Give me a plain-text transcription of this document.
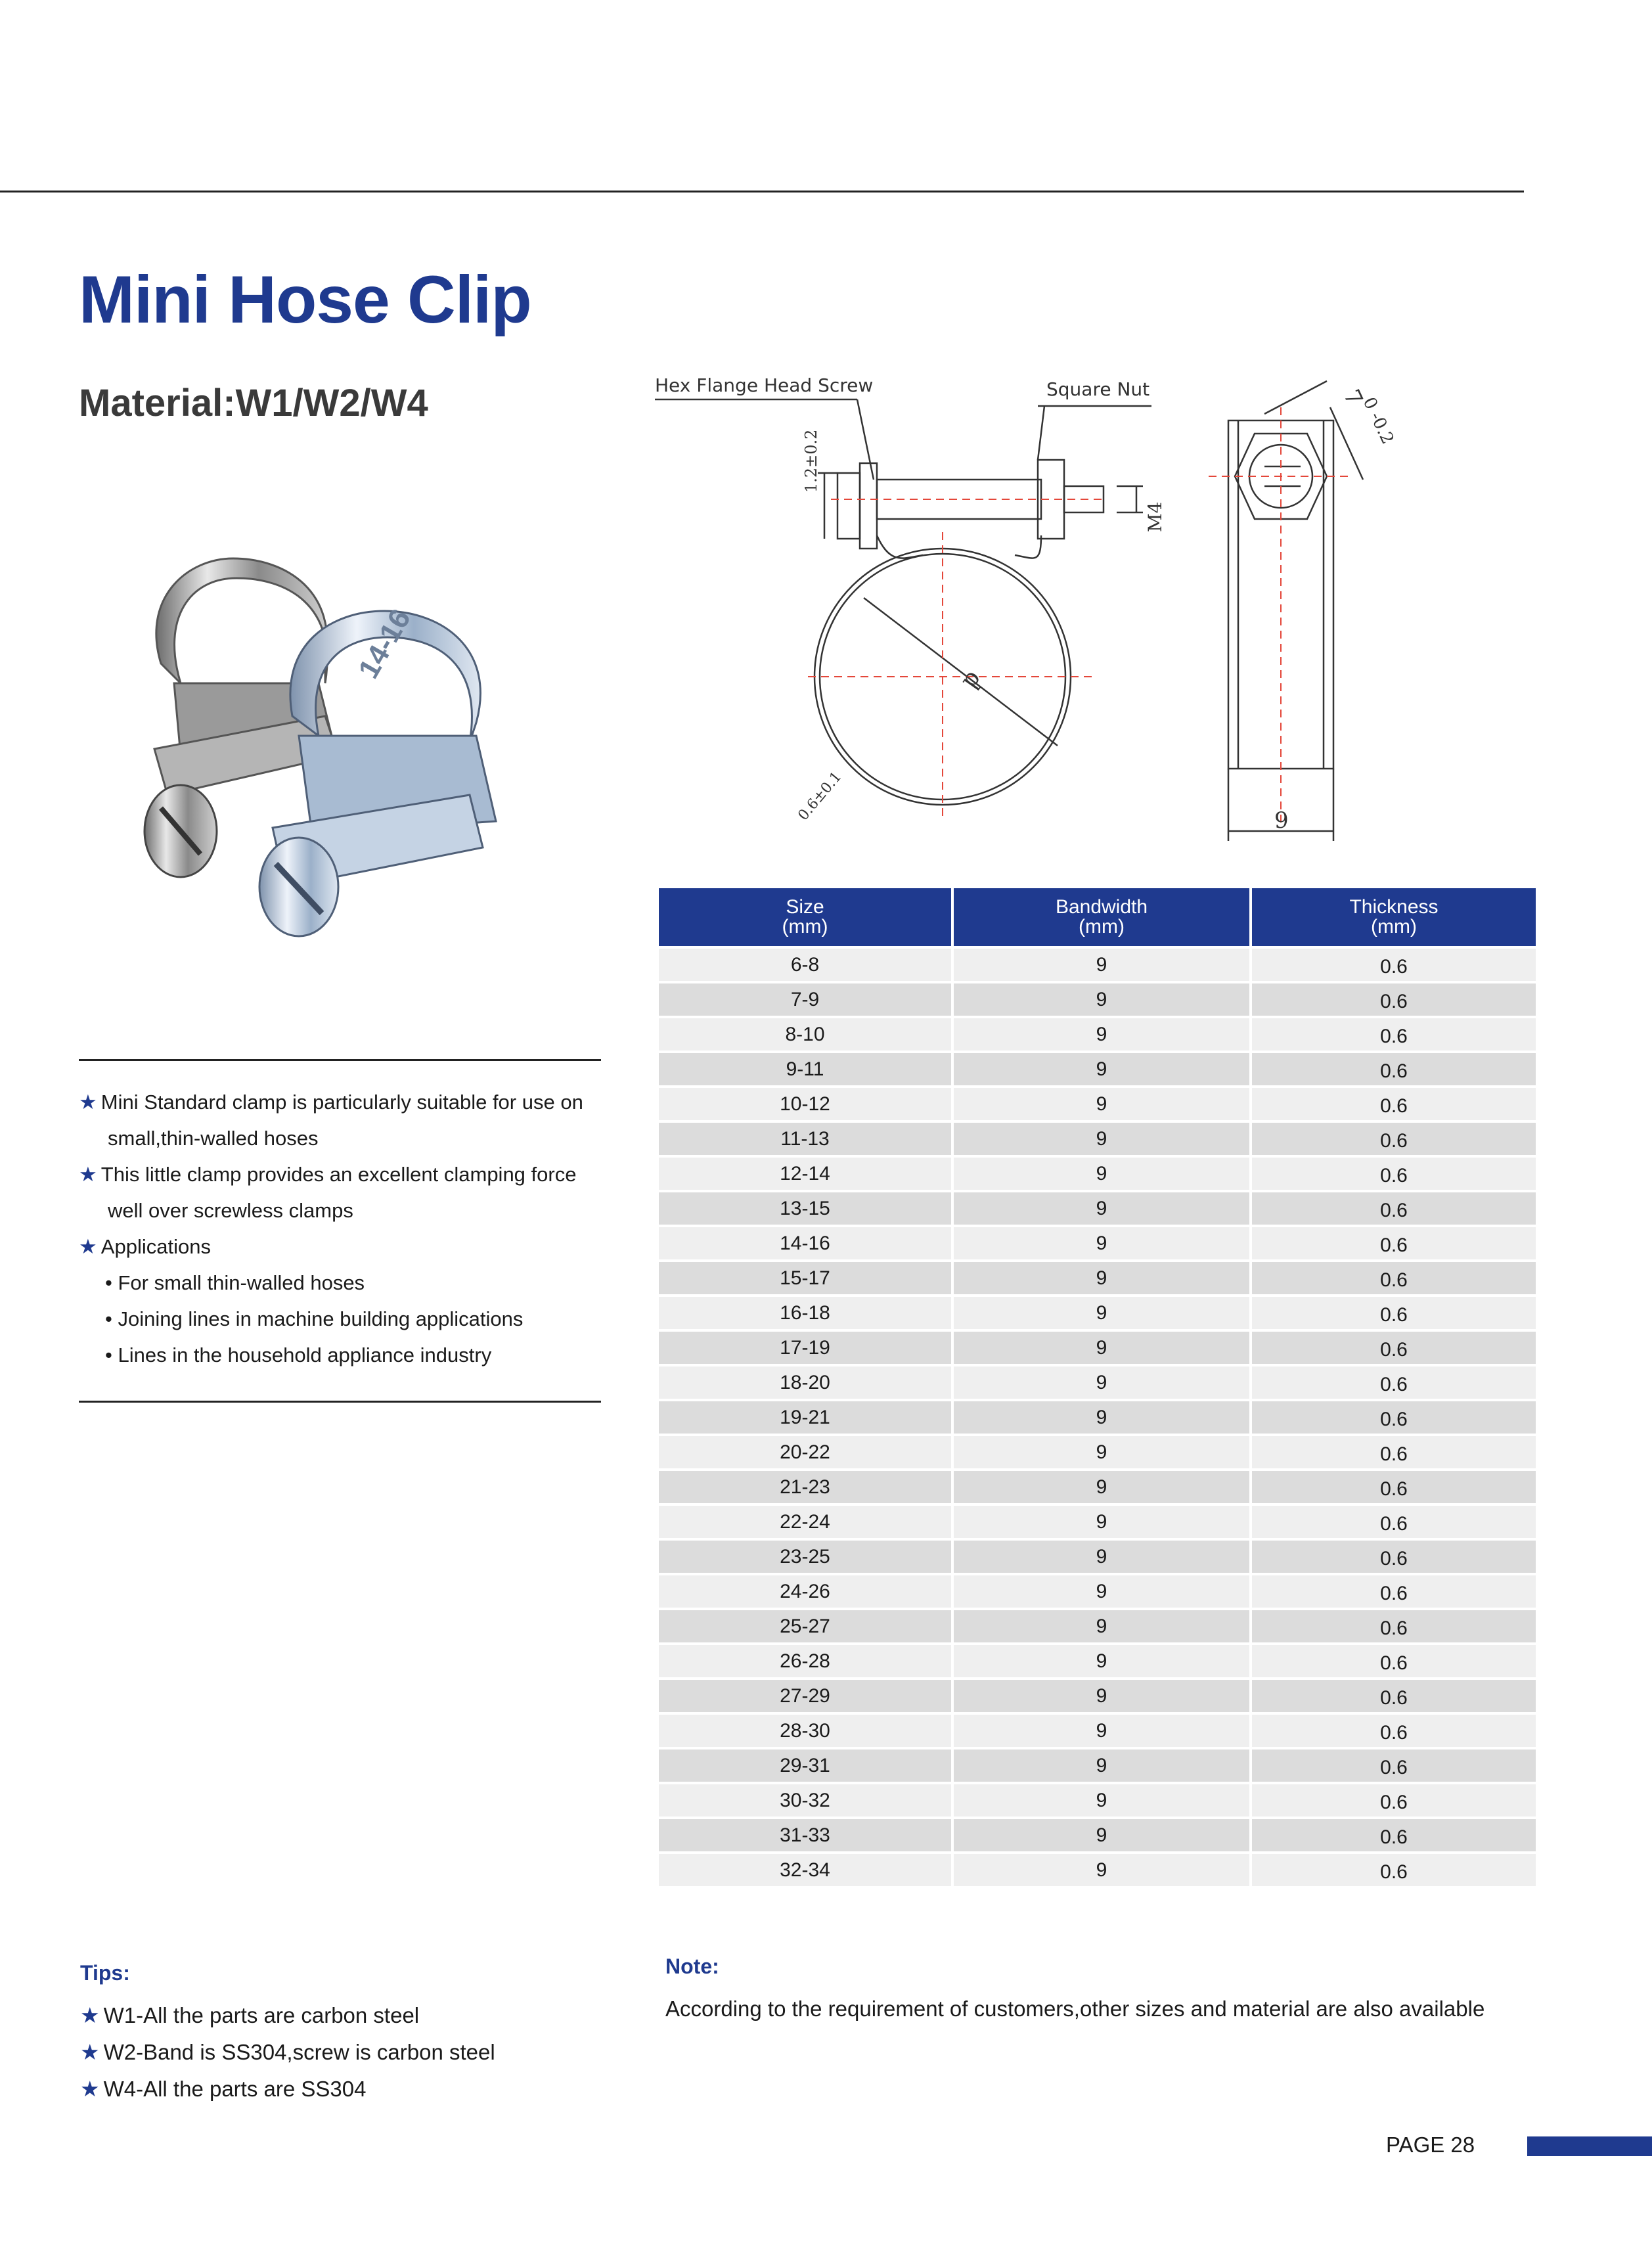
Mini Hose Clip
Material:W1/W2/W4
14-16
Hex Flange Head Screw	Square Nut
1.2±0.2
M4
d
0.6±0.1
7
0 -0.2
9
★ Mini Standard clamp is particularly suitable for use on
small,thin-walled hoses
★ This little clamp provides an excellent clamping force
well over screwless clamps
★ Applications
• For small thin-walled hoses
• Joining lines in machine building applications
• Lines in the household appliance industry
Size
(mm)
Bandwidth
(mm)
Thickness
(mm)
6-8	9	0.6
7-9	9	0.6
8-10	9	0.6
9-11	9	0.6
10-12	9	0.6
11-13	9	0.6
12-14	9	0.6
13-15	9	0.6
14-16	9	0.6
15-17	9	0.6
16-18	9	0.6
17-19	9	0.6
18-20	9	0.6
19-21	9	0.6
20-22	9	0.6
21-23	9	0.6
22-24	9	0.6
23-25	9	0.6
24-26	9	0.6
25-27	9	0.6
26-28	9	0.6
27-29	9	0.6
28-30	9	0.6
29-31	9	0.6
30-32	9	0.6
31-33	9	0.6
32-34	9	0.6
Tips:
★ W1-All the parts are carbon steel
★ W2-Band is SS304,screw is carbon steel
★ W4-All the parts are SS304
Note:
According to the requirement of customers,other sizes and material are also available
PAGE 28
